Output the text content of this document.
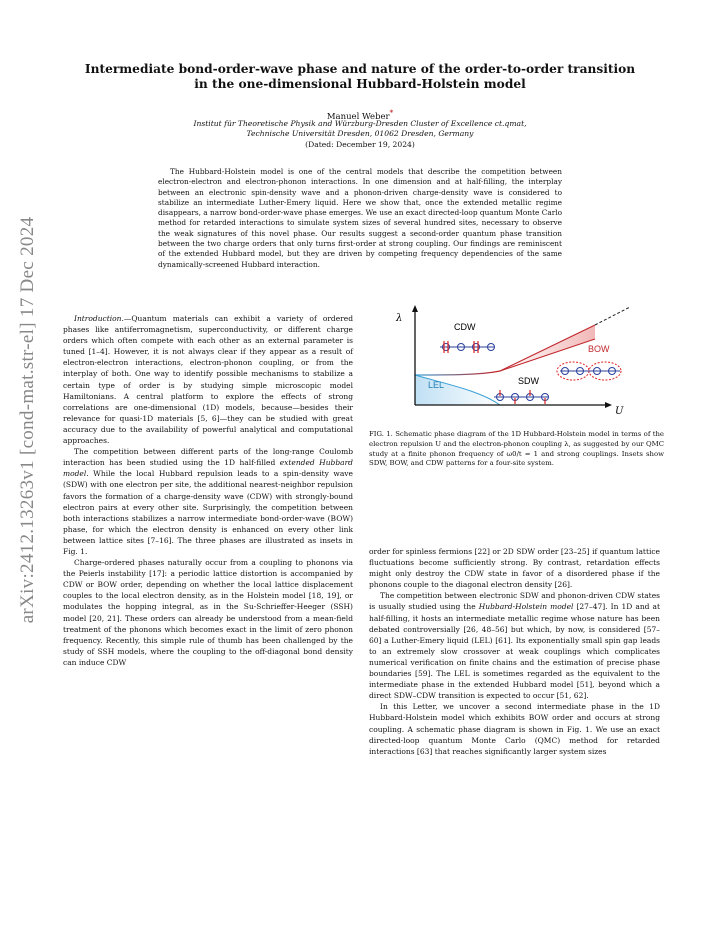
arXiv:2412.13263v1 [cond-mat.str-el] 17 Dec 2024
Intermediate bond-order-wave phase and nature of the order-to-order transition
in the one-dimensional Hubbard-Holstein model
Manuel Weber*
Institut für Theoretische Physik and Würzburg-Dresden Cluster of Excellence ct.qmat,
Technische Universität Dresden, 01062 Dresden, Germany
(Dated: December 19, 2024)
The Hubbard-Holstein model is one of the central models that describe the competition between electron-electron and electron-phonon interactions. In one dimension and at half-filling, the interplay between an electronic spin-density wave and a phonon-driven charge-density wave is considered to stabilize an intermediate Luther-Emery liquid. Here we show that, once the extended metallic regime disappears, a narrow bond-order-wave phase emerges. We use an exact directed-loop quantum Monte Carlo method for retarded interactions to simulate system sizes of several hundred sites, necessary to observe the weak signatures of this novel phase. Our results suggest a second-order quantum phase transition between the two charge orders that only turns first-order at strong coupling. Our findings are reminiscent of the extended Hubbard model, but they are driven by competing frequency dependencies of the same dynamically-screened Hubbard interaction.

Introduction.—Quantum materials can exhibit a variety of ordered phases like antiferromagnetism, superconductivity, or different charge orders which often compete with each other as an external parameter is tuned [1–4]. However, it is not always clear if they appear as a result of electron-electron interactions, electron-phonon coupling, or from the interplay of both. One way to identify possible mechanisms to stabilize a certain type of order is by studying simple microscopic model Hamiltonians. A central platform to explore the effects of strong correlations are one-dimensional (1D) models, because—besides their relevance for quasi-1D materials [5, 6]—they can be studied with great accuracy due to the availability of powerful analytical and computational approaches.

The competition between different parts of the long-range Coulomb interaction has been studied using the 1D half-filled extended Hubbard model. While the local Hubbard repulsion leads to a spin-density wave (SDW) with one electron per site, the additional nearest-neighbor repulsion favors the formation of a charge-density wave (CDW) with strongly-bound electron pairs at every other site. Surprisingly, the competition between both interactions stabilizes a narrow intermediate bond-order-wave (BOW) phase, for which the electron density is enhanced on every other link between lattice sites [7–16]. The three phases are illustrated as insets in Fig. 1.

Charge-ordered phases naturally occur from a coupling to phonons via the Peierls instability [17]: a periodic lattice distortion is accompanied by CDW or BOW order, depending on whether the local lattice displacement couples to the local electron density, as in the Holstein model [18, 19], or modulates the hopping integral, as in the Su-Schrieffer-Heeger (SSH) model [20, 21]. These orders can already be understood from a mean-field treatment of the phonons which becomes exact in the limit of zero phonon frequency. Recently, this simple rule of thumb has been challenged by the study of SSH models, where the coupling to the off-diagonal bond density can induce CDW

λ
U
CDW
BOW
LEL	SDW
FIG. 1. Schematic phase diagram of the 1D Hubbard-Holstein model in terms of the electron repulsion U and the electron-phonon coupling λ, as suggested by our QMC study at a finite phonon frequency of ω0/t = 1 and strong couplings. Insets show SDW, BOW, and CDW patterns for a four-site system.

order for spinless fermions [22] or 2D SDW order [23–25] if quantum lattice fluctuations become sufficiently strong. By contrast, retardation effects might only destroy the CDW state in favor of a disordered phase if the phonons couple to the diagonal electron density [26].

The competition between electronic SDW and phonon-driven CDW states is usually studied using the Hubbard-Holstein model [27–47]. In 1D and at half-filling, it hosts an intermediate metallic regime whose nature has been debated controversially [26, 48–56] but which, by now, is considered [57–60] a Luther-Emery liquid (LEL) [61]. Its exponentially small spin gap leads to an extremely slow crossover at weak couplings which complicates numerical verification on finite chains and the estimation of precise phase boundaries [59]. The LEL is sometimes regarded as the equivalent to the intermediate phase in the extended Hubbard model [51], beyond which a direct SDW–CDW transition is expected to occur [51, 62].

In this Letter, we uncover a second intermediate phase in the 1D Hubbard-Holstein model which exhibits BOW order and occurs at strong coupling. A schematic phase diagram is shown in Fig. 1. We use an exact directed-loop quantum Monte Carlo (QMC) method for retarded interactions [63] that reaches significantly larger system sizes
